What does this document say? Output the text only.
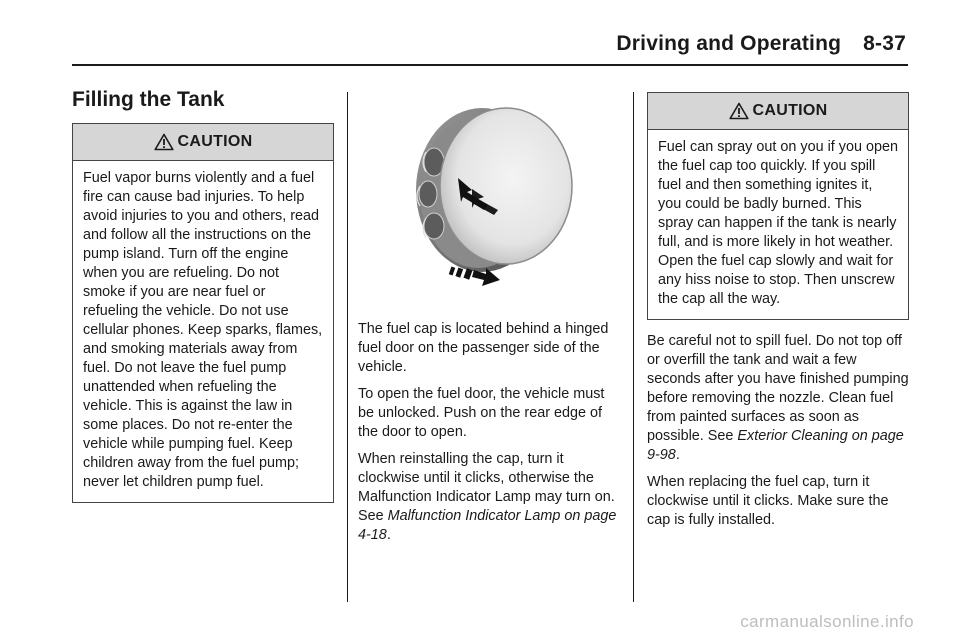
Driving and Operating 8-37
Filling the Tank
CAUTION
Fuel vapor burns violently and a fuel fire can cause bad injuries. To help avoid injuries to you and others, read and follow all the instructions on the pump island. Turn off the engine when you are refueling. Do not smoke if you are near fuel or refueling the vehicle. Do not use cellular phones. Keep sparks, flames, and smoking materials away from fuel. Do not leave the fuel pump unattended when refueling the vehicle. This is against the law in some places. Do not re-enter the vehicle while pumping fuel. Keep children away from the fuel pump; never let children pump fuel.

The fuel cap is located behind a hinged fuel door on the passenger side of the vehicle.

To open the fuel door, the vehicle must be unlocked. Push on the rear edge of the door to open.

When reinstalling the cap, turn it clockwise until it clicks, otherwise the Malfunction Indicator Lamp may turn on. See Malfunction Indicator Lamp on page 4-18.

CAUTION
Fuel can spray out on you if you open the fuel cap too quickly. If you spill fuel and then something ignites it, you could be badly burned. This spray can happen if the tank is nearly full, and is more likely in hot weather. Open the fuel cap slowly and wait for any hiss noise to stop. Then unscrew the cap all the way.

Be careful not to spill fuel. Do not top off or overfill the tank and wait a few seconds after you have finished pumping before removing the nozzle. Clean fuel from painted surfaces as soon as possible. See Exterior Cleaning on page 9-98.

When replacing the fuel cap, turn it clockwise until it clicks. Make sure the cap is fully installed.

carmanualsonline.info
